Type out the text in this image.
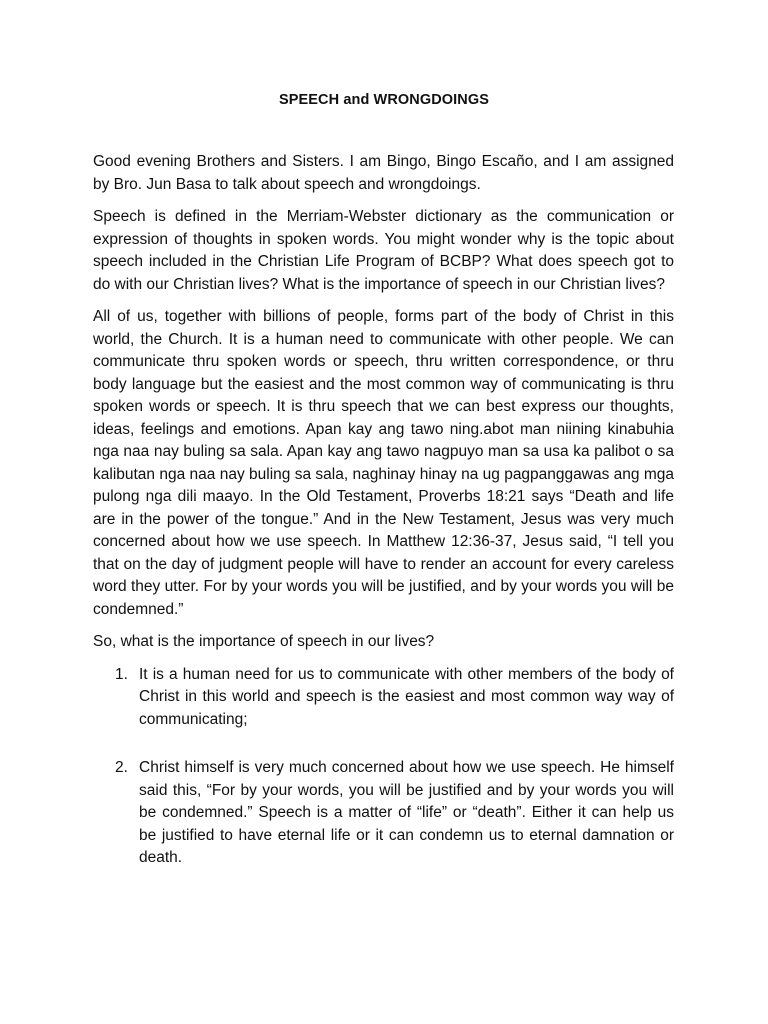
SPEECH and WRONGDOINGS

Good evening Brothers and Sisters. I am Bingo, Bingo Escaño, and I am assigned by Bro. Jun Basa to talk about speech and wrongdoings.

Speech is defined in the Merriam-Webster dictionary as the communication or expression of thoughts in spoken words. You might wonder why is the topic about speech included in the Christian Life Program of BCBP? What does speech got to do with our Christian lives? What is the importance of speech in our Christian lives?

All of us, together with billions of people, forms part of the body of Christ in this world, the Church. It is a human need to communicate with other people. We can communicate thru spoken words or speech, thru written correspondence, or thru body language but the easiest and the most common way of communicating is thru spoken words or speech. It is thru speech that we can best express our thoughts, ideas, feelings and emotions. Apan kay ang tawo ning.abot man niining kinabuhia nga naa nay buling sa sala. Apan kay ang tawo nagpuyo man sa usa ka palibot o sa kalibutan nga naa nay buling sa sala, naghinay hinay na ug pagpanggawas ang mga pulong nga dili maayo. In the Old Testament, Proverbs 18:21 says “Death and life are in the power of the tongue.” And in the New Testament, Jesus was very much concerned about how we use speech. In Matthew 12:36-37, Jesus said, “I tell you that on the day of judgment people will have to render an account for every careless word they utter. For by your words you will be justified, and by your words you will be condemned.”

So, what is the importance of speech in our lives?

1. It is a human need for us to communicate with other members of the body of Christ in this world and speech is the easiest and most common way way of communicating;
2. Christ himself is very much concerned about how we use speech. He himself said this, “For by your words, you will be justified and by your words you will be condemned.” Speech is a matter of “life” or “death”. Either it can help us be justified to have eternal life or it can condemn us to eternal damnation or death.
